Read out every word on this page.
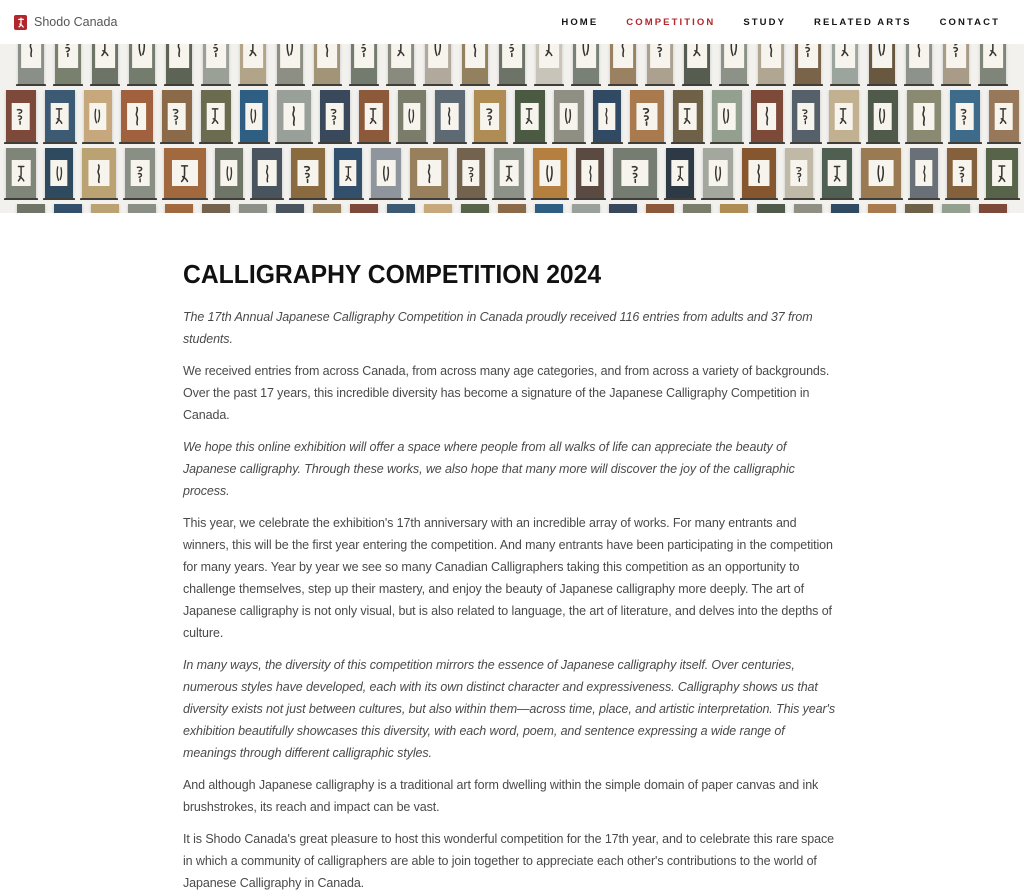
Shodo Canada	HOME	COMPETITION	STUDY	RELATED ARTS	CONTACT
CALLIGRAPHY COMPETITION 2024

The 17th Annual Japanese Calligraphy Competition in Canada proudly received 116 entries from adults and 37 from students.

We received entries from across Canada, from across many age categories, and from across a variety of backgrounds. Over the past 17 years, this incredible diversity has become a signature of the Japanese Calligraphy Competition in Canada.

We hope this online exhibition will offer a space where people from all walks of life can appreciate the beauty of Japanese calligraphy. Through these works, we also hope that many more will discover the joy of the calligraphic process.

This year, we celebrate the exhibition's 17th anniversary with an incredible array of works. For many entrants and winners, this will be the first year entering the competition. And many entrants have been participating in the competition for many years. Year by year we see so many Canadian Calligraphers taking this competition as an opportunity to challenge themselves, step up their mastery, and enjoy the beauty of Japanese calligraphy more deeply. The art of Japanese calligraphy is not only visual, but is also related to language, the art of literature, and delves into the depths of culture.

In many ways, the diversity of this competition mirrors the essence of Japanese calligraphy itself. Over centuries, numerous styles have developed, each with its own distinct character and expressiveness. Calligraphy shows us that diversity exists not just between cultures, but also within them—across time, place, and artistic interpretation. This year's exhibition beautifully showcases this diversity, with each word, poem, and sentence expressing a wide range of meanings through different calligraphic styles.

And although Japanese calligraphy is a traditional art form dwelling within the simple domain of paper canvas and ink brushstrokes, its reach and impact can be vast.

It is Shodo Canada's great pleasure to host this wonderful competition for the 17th year, and to celebrate this rare space in which a community of calligraphers are able to join together to appreciate each other's contributions to the world of Japanese Calligraphy in Canada.
